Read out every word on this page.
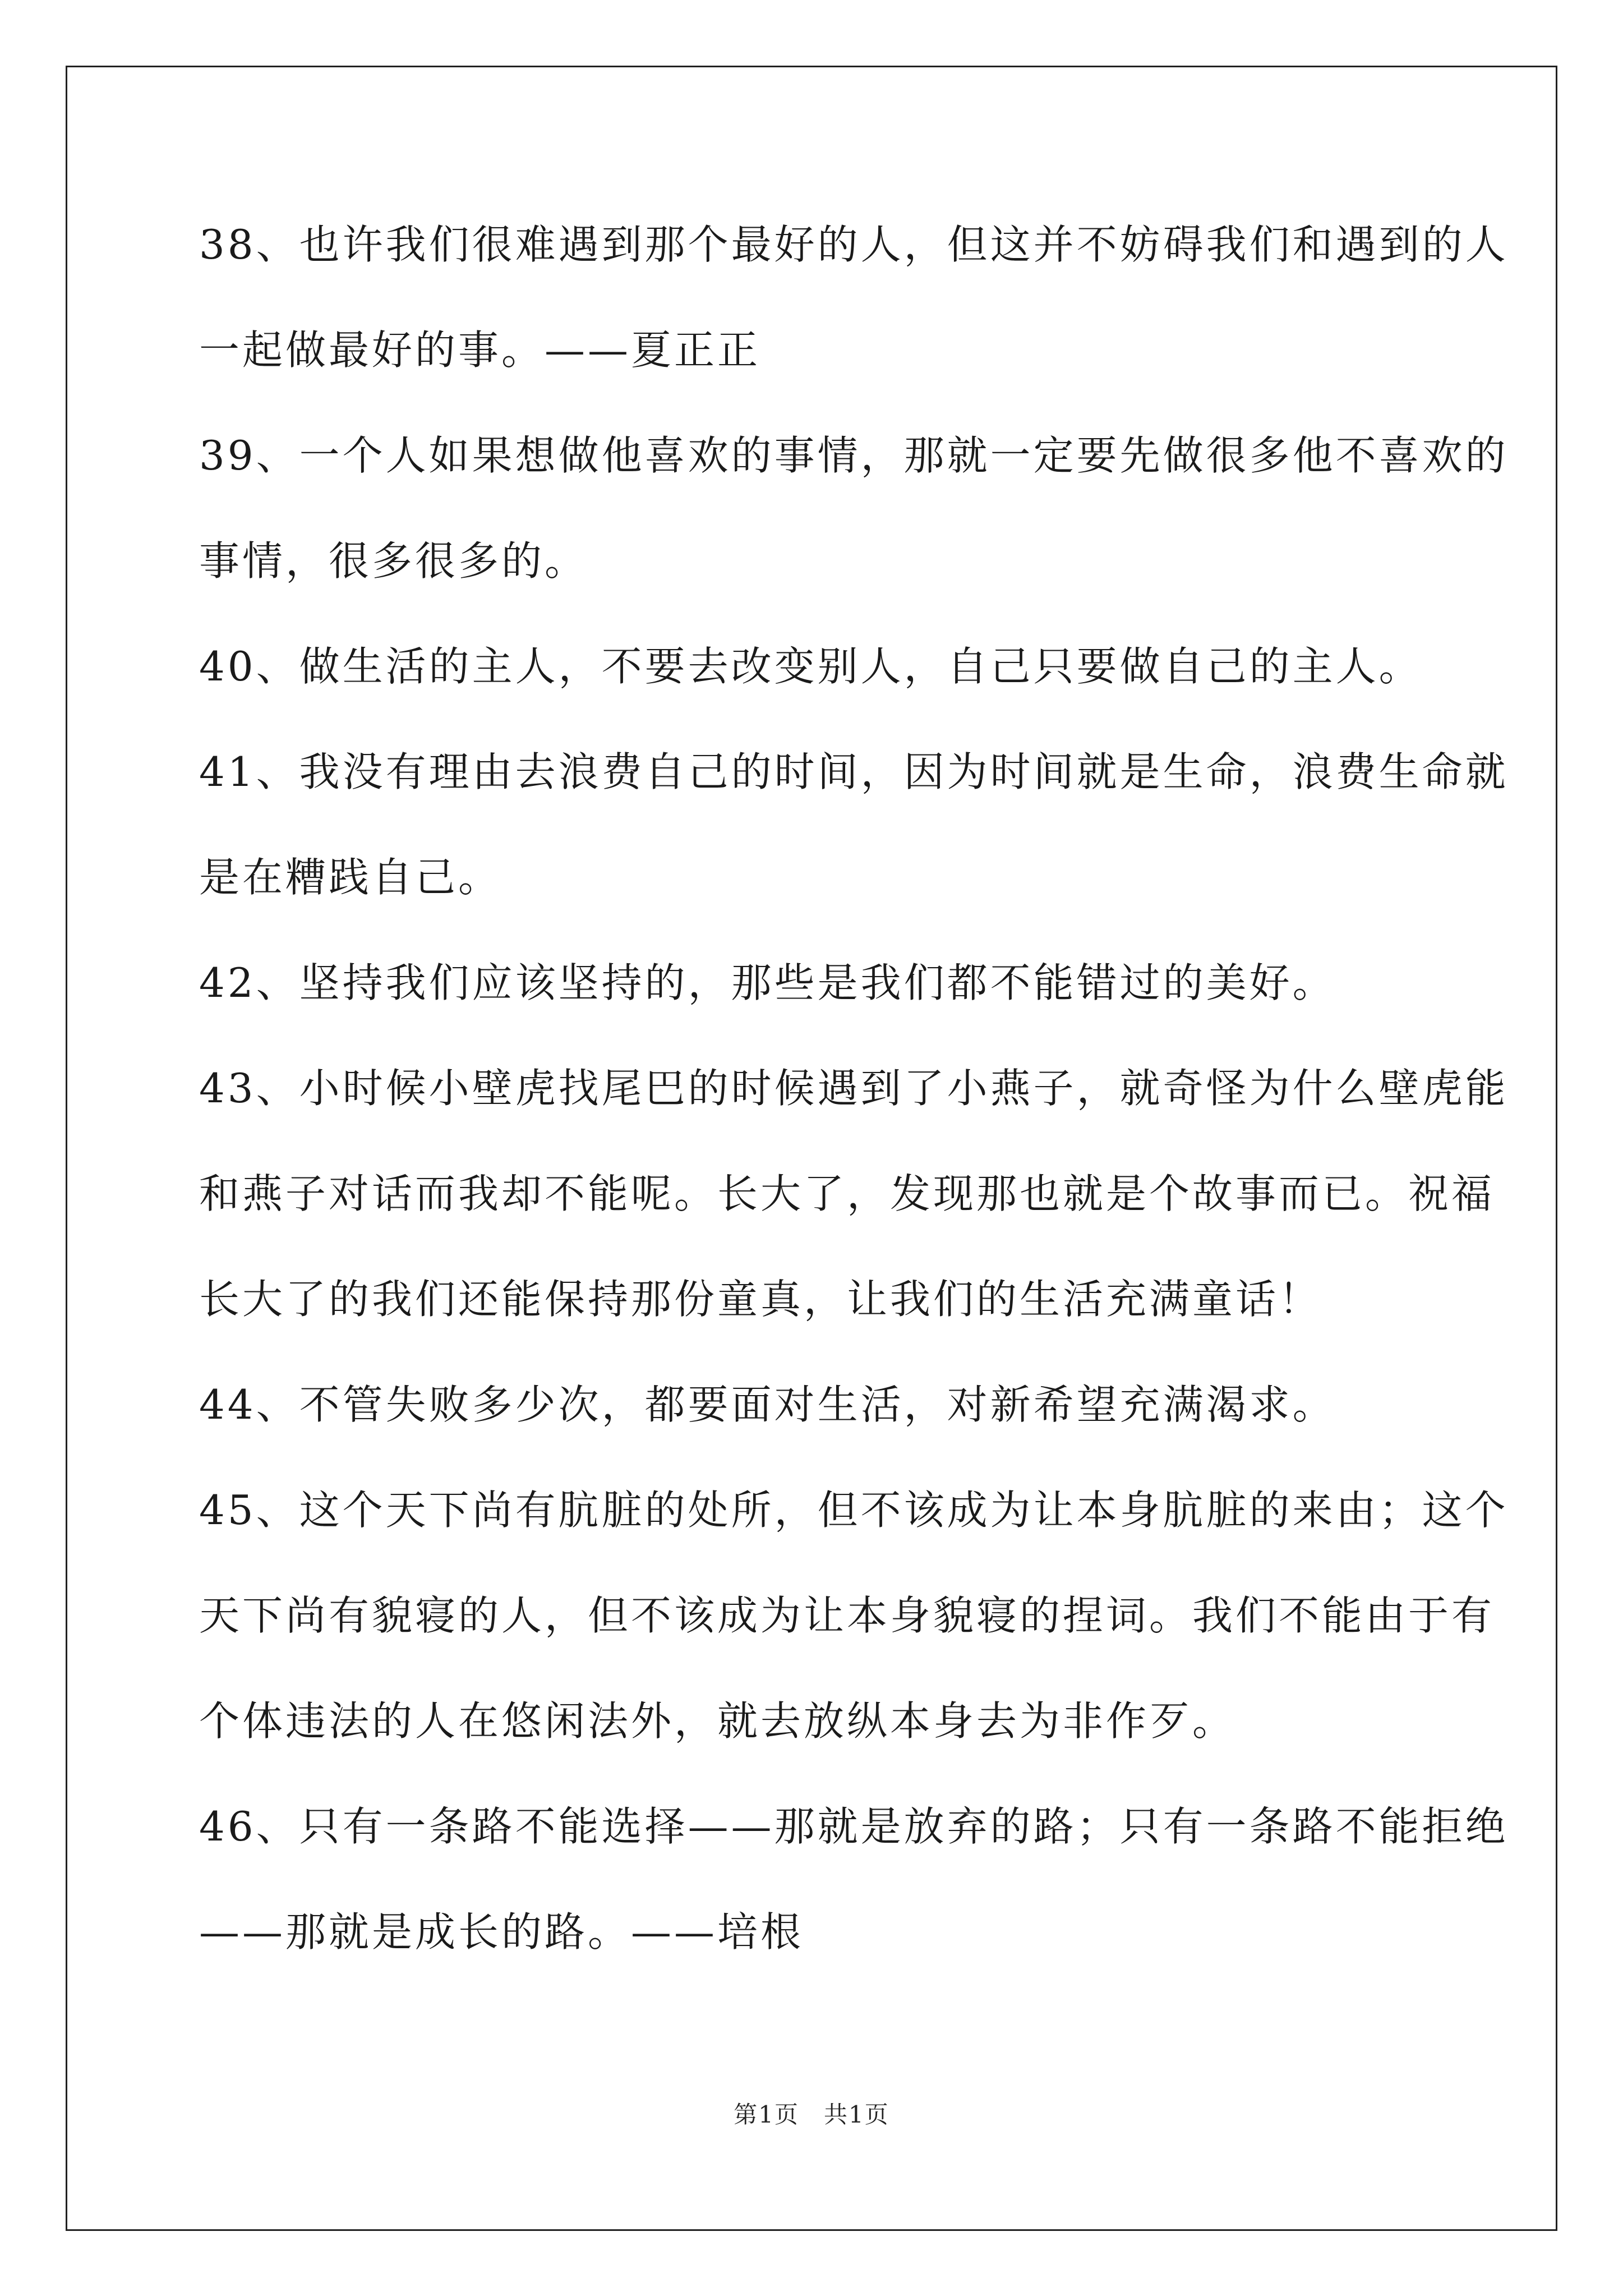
38、也许我们很难遇到那个最好的人，但这并不妨碍我们和遇到的人
一起做最好的事。——夏正正
39、一个人如果想做他喜欢的事情，那就一定要先做很多他不喜欢的
事情，很多很多的。
40、做生活的主人，不要去改变别人，自己只要做自己的主人。
41、我没有理由去浪费自己的时间，因为时间就是生命，浪费生命就
是在糟践自己。
42、坚持我们应该坚持的，那些是我们都不能错过的美好。
43、小时候小壁虎找尾巴的时候遇到了小燕子，就奇怪为什么壁虎能
和燕子对话而我却不能呢。长大了，发现那也就是个故事而已。祝福
长大了的我们还能保持那份童真，让我们的生活充满童话！
44、不管失败多少次，都要面对生活，对新希望充满渴求。
45、这个天下尚有肮脏的处所，但不该成为让本身肮脏的来由；这个
天下尚有貌寝的人，但不该成为让本身貌寝的捏词。我们不能由于有
个体违法的人在悠闲法外，就去放纵本身去为非作歹。
46、只有一条路不能选择——那就是放弃的路；只有一条路不能拒绝
——那就是成长的路。——培根
第1页　共1页
